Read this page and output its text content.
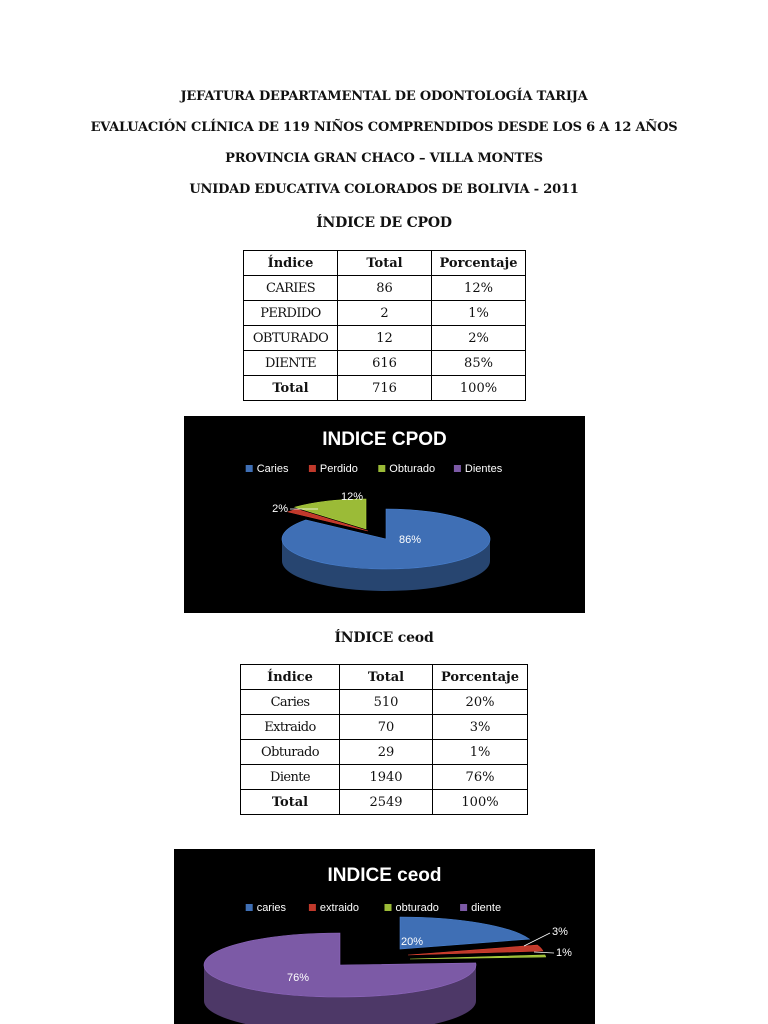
JEFATURA DEPARTAMENTAL DE ODONTOLOGÍA TARIJA
EVALUACIÓN CLÍNICA DE 119 NIÑOS COMPRENDIDOS DESDE LOS 6 A 12 AÑOS
PROVINCIA GRAN CHACO – VILLA MONTES
UNIDAD EDUCATIVA COLORADOS DE BOLIVIA - 2011
ÍNDICE DE CPOD
Índice	Total	Porcentaje
CARIES	86	12%
PERDIDO	2	1%
OBTURADO	12	2%
DIENTE	616	85%
Total	716	100%
INDICE CPOD
Caries	Perdido	Obturado	Dientes
86%
2%
12%
ÍNDICE ceod
Índice	Total	Porcentaje
Caries	510	20%
Extraido	70	3%
Obturado	29	1%
Diente	1940	76%
Total	2549	100%
INDICE ceod
caries	extraido	obturado	diente
20%
3%
1%
76%
